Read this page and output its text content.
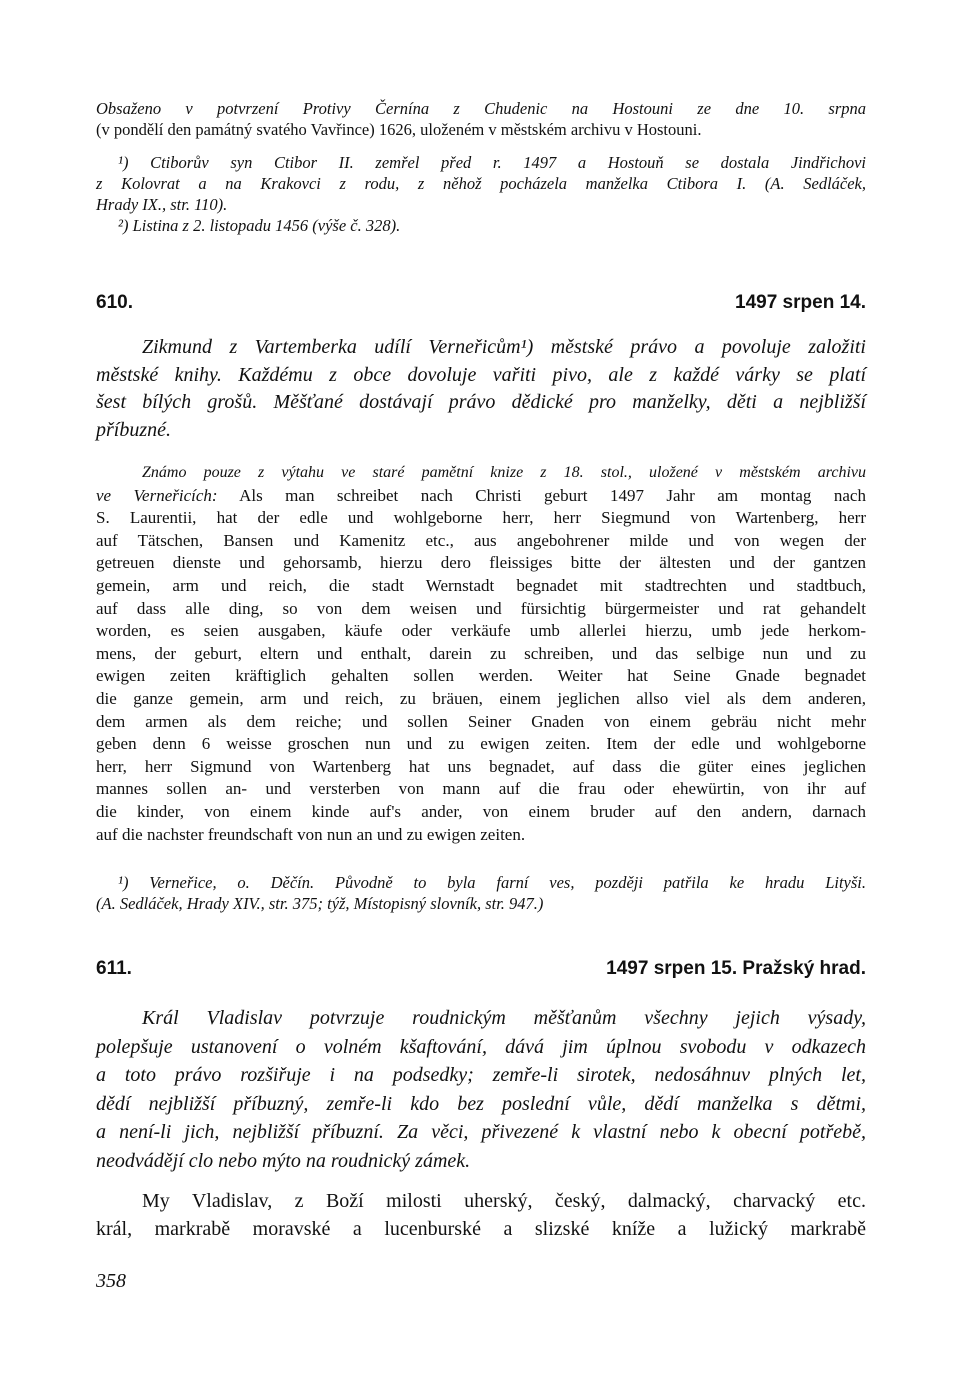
Obsaženo v potvrzení Protivy Černína z Chudenic na Hostouni ze dne 10. srpna
(v pondělí den památný svatého Vavřince) 1626, uloženém v městském archivu v Hostouni.
¹) Ctiborův syn Ctibor II. zemřel před r. 1497 a Hostouň se dostala Jindřichovi
z Kolovrat a na Krakovci z rodu, z něhož pocházela manželka Ctibora I. (A. Sedláček,
Hrady IX., str. 110).
²) Listina z 2. listopadu 1456 (výše č. 328).
610.	1497 srpen 14.
Zikmund z Vartemberka udílí Verneřicům¹) městské právo a povoluje založiti
městské knihy. Každému z obce dovoluje vařiti pivo, ale z každé várky se platí
šest bílých grošů. Měšťané dostávají právo dědické pro manželky, děti a nejbližší
příbuzné.
Známo pouze z výtahu ve staré pamětní knize z 18. stol., uložené v městském archivu
ve Verneřicích: Als man schreibet nach Christi geburt 1497 Jahr am montag nach
S. Laurentii, hat der edle und wohlgeborne herr, herr Siegmund von Wartenberg, herr
auf Tätschen, Bansen und Kamenitz etc., aus angebohrener milde und von wegen der
getreuen dienste und gehorsamb, hierzu dero fleissiges bitte der ältesten und der gantzen
gemein, arm und reich, die stadt Wernstadt begnadet mit stadtrechten und stadtbuch,
auf dass alle ding, so von dem weisen und fürsichtig bürgermeister und rat gehandelt
worden, es seien ausgaben, käufe oder verkäufe umb allerlei hierzu, umb jede herkom-
mens, der geburt, eltern und enthalt, darein zu schreiben, und das selbige nun und zu
ewigen zeiten kräftiglich gehalten sollen werden. Weiter hat Seine Gnade begnadet
die ganze gemein, arm und reich, zu bräuen, einem jeglichen allso viel als dem anderen,
dem armen als dem reiche; und sollen Seiner Gnaden von einem gebräu nicht mehr
geben denn 6 weisse groschen nun und zu ewigen zeiten. Item der edle und wohlgeborne
herr, herr Sigmund von Wartenberg hat uns begnadet, auf dass die güter eines jeglichen
mannes sollen an- und versterben von mann auf die frau oder ehewürtin, von ihr auf
die kinder, von einem kinde auf's ander, von einem bruder auf den andern, darnach
auf die nachster freundschaft von nun an und zu ewigen zeiten.
¹) Verneřice, o. Děčín. Původně to byla farní ves, později patřila ke hradu Lityši.
(A. Sedláček, Hrady XIV., str. 375; týž, Místopisný slovník, str. 947.)
611.	1497 srpen 15. Pražský hrad.
Král Vladislav potvrzuje roudnickým měšťanům všechny jejich výsady,
polepšuje ustanovení o volném kšaftování, dává jim úplnou svobodu v odkazech
a toto právo rozšiřuje i na podsedky; zemře-li sirotek, nedosáhnuv plných let,
dědí nejbližší příbuzný, zemře-li kdo bez poslední vůle, dědí manželka s dětmi,
a není-li jich, nejbližší příbuzní. Za věci, přivezené k vlastní nebo k obecní potřebě,
neodvádějí clo nebo mýto na roudnický zámek.
My Vladislav, z Boží milosti uherský, český, dalmacký, charvacký etc.
král, markrabě moravské a lucenburské a slizské kníže a lužický markrabě
358
